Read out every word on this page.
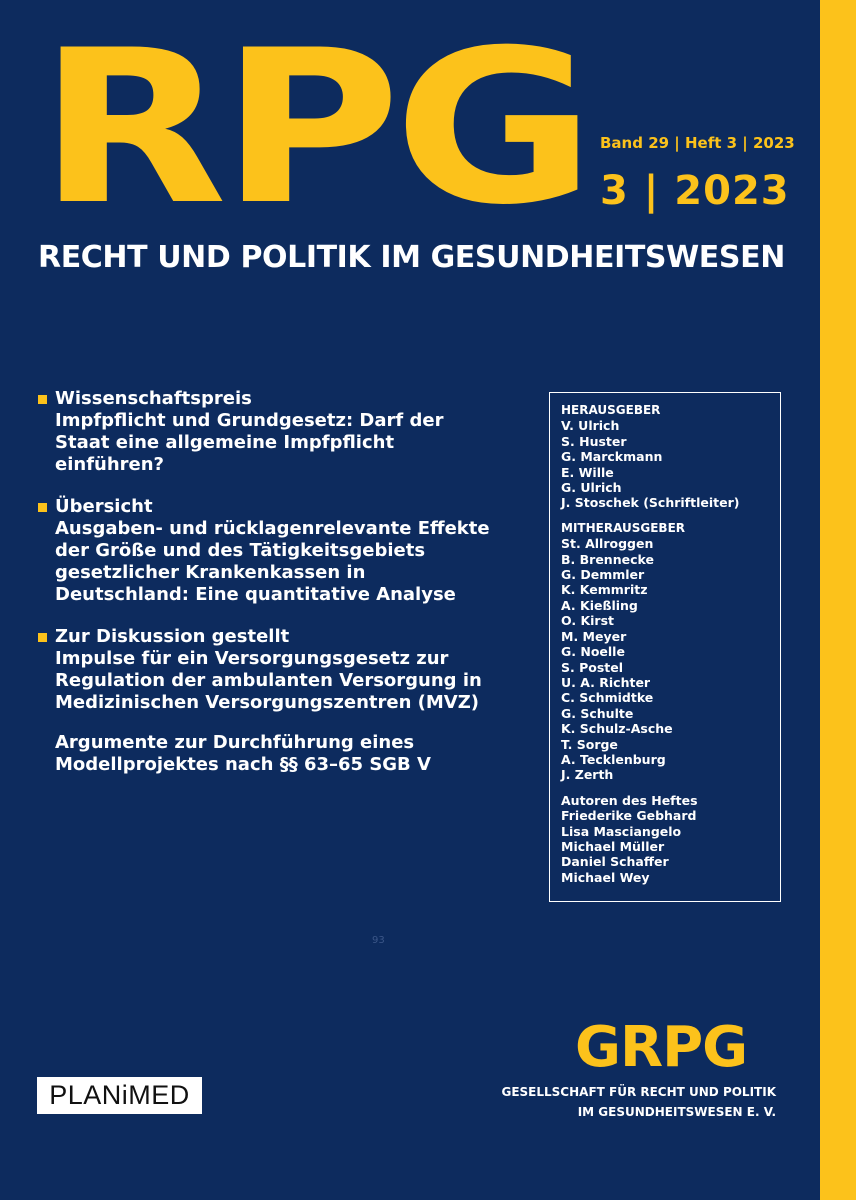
RPG Band 29 | Heft 3 | 2023
3 | 2023
RECHT UND POLITIK IM GESUNDHEITSWESEN
Wissenschaftspreis
Impfpflicht und Grundgesetz: Darf der Staat eine allgemeine Impfpflicht einführen?
Übersicht
Ausgaben- und rücklagenrelevante Effekte der Größe und des Tätigkeitsgebiets gesetzlicher Krankenkassen in Deutschland: Eine quantitative Analyse
Zur Diskussion gestellt
Impulse für ein Versorgungsgesetz zur Regulation der ambulanten Versorgung in Medizinischen Versorgungszentren (MVZ)
Argumente zur Durchführung eines Modellprojektes nach §§ 63–65 SGB V
93
HERAUSGEBER
V. Ulrich
S. Huster
G. Marckmann
E. Wille
G. Ulrich
J. Stoschek (Schriftleiter)
MITHERAUSGEBER
St. Allroggen
B. Brennecke
G. Demmler
K. Kemmritz
A. Kießling
O. Kirst
M. Meyer
G. Noelle
S. Postel
U. A. Richter
C. Schmidtke
G. Schulte
K. Schulz-Asche
T. Sorge
A. Tecklenburg
J. Zerth
Autoren des Heftes
Friederike Gebhard
Lisa Masciangelo
Michael Müller
Daniel Schaffer
Michael Wey
GRPG
GESELLSCHAFT FÜR RECHT UND POLITIK
IM GESUNDHEITSWESEN E. V.
PLANiMED
